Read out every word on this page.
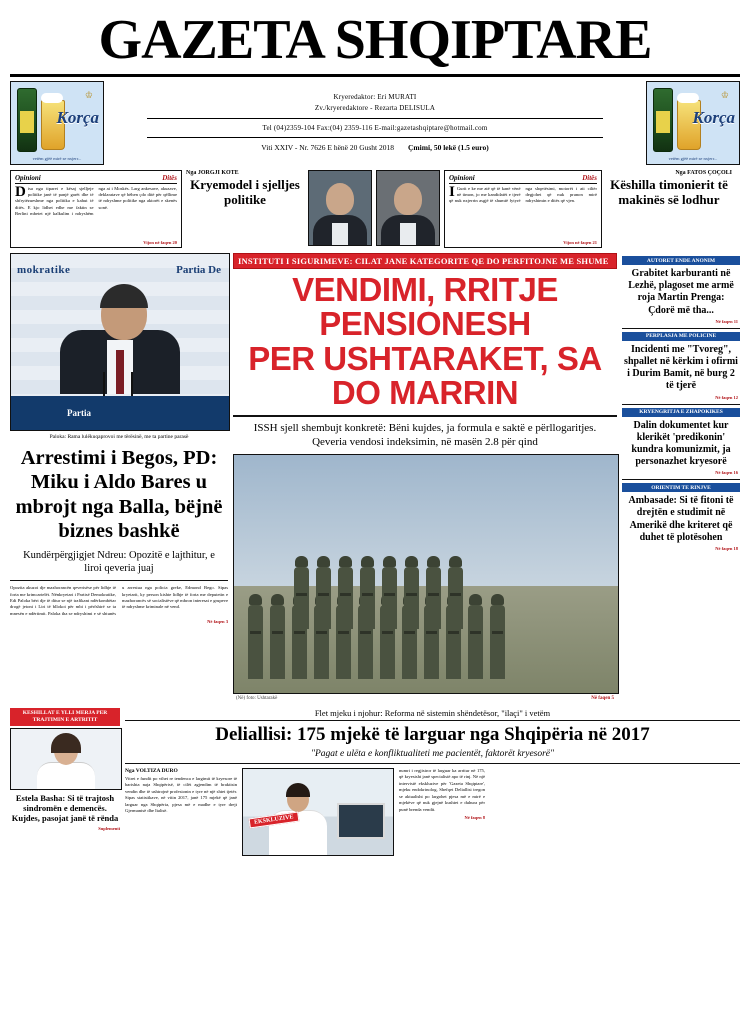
GAZETA SHQIPTARE
♔
Korça
vetëm gjëë mirë se nxjerr...
Kryeredaktor: Eri MURATI
Zv./kryeredaktore - Rezarta DELISULA
Tel (04)2359-104 Fax:(04) 2359-116 E-mail:gazetashqiptare@hotmail.com
Viti XXIV - Nr. 7626 E hënë 20 Gusht 2018 Çmimi, 50 lekë (1.5 euro)
♔
Korça
vetëm gjëë mirë se nxjerr...
Opinioni	Ditës
Disa nga tiparet e kësaj sjelljeje politike janë të panjë garët dhe të shfrytëzueshme nga politika e kahut të ditës. E kjo lidhet edhe me faktin se Berlini mbetet një kalkulim i ndryshëm nga ai i Moskës. Larg ankesave, akuzave, deklaratave që bëhen çdo ditë për qëllime të ndryshme politike nga aktorët e skenës sonë.
Vijon në faqen 20
Nga JORGJI KOTE
Kryemodel i sjelljes politike
Opinioni	Ditës
I Gurit e ke me atë që të kanë vënë në timon, jo me kandidatët e tjerë që nuk nxjerrin asgjë të shumtë fytyrë nga shqetësimi, motorët i ati ciliër degjohet që nuk pranon mirë ndryshimin e ditës që vjen.
Vijon në faqen 21
Nga FATOS ÇOÇOLI
Këshilla timonierit të makinës së lodhur
mokratike	Partia De
Partia
Paloka: Rama lulëkuqaprovoi me tërësinë, me ta partine parasë
Arrestimi i Begos, PD: Miku i Aldo Bares u mbrojt nga Balla, bëjnë biznes bashkë
Kundërpërgjigjet Ndreu: Opozitë e lajthitur, e liroi qeveria juaj
Opozita akuzoi dje mazhorancën qeverisëse për lidhje të forta me krimcartelët. Nënkryetari i Partisë Demokratike, Edi Paloka bëri dje të ditur se një trafikant ndërkombëtar drogë jetoni i Liri të bllokoi për mbi i përfshirë se ta mnesën e ndërtimit. Paloka tha se ndryshimi e së shtunës u arrestua nga policia greke, Edmond Bego. Sipas kryetarit, ky person kishte lidhje të forta me deputetin e mazhorancës së socialistëve që mbron interesat e grupeve të ndryshme kriminale në vend.
Në faqen 3
INSTITUTI I SIGURIMEVE: CILAT JANE KATEGORITE QE DO PERFITOJNE ME SHUME
VENDIMI, RRITJE PENSIONESH
PER USHTARAKET, SA DO MARRIN
ISSH sjell shembujt konkretë: Bëni kujdes, ja formula e saktë e përllogaritjes. Qeveria vendosi indeksimin, në masën 2.8 për qind
(Në) foto: Ushtarakë	Në faqen 5
AUTORET ENDE ANONIM
Grabitet karburanti në Lezhë, plagoset me armë roja Martin Prenga: Çdorë më tha...
Në faqen 11
PERPLASJA ME POLICINE
Incidenti me "Tvoreg", shpallet në kërkim i ofirmi i Durim Bamit, në burg 2 të tjerë
Në faqen 12
KRYENGRITJA E ZHAPOKIKES
Dalin dokumentet kur klerikët 'predikonin' kundra komunizmit, ja personazhet kryesorë
Në faqen 16
ORIENTIM TE RINJVE
Ambasade: Si të fitoni të drejtën e studimit në Amerikë dhe kriteret që duhet të plotësohen
Në faqen 18
KESHILLAT E YLLI MERJA PER TRAJTIMIN E ARTRITIT
Estela Basha: Si të trajtosh sindromën e demencës. Kujdes, pasojat janë të rënda
Suplementi
Flet mjeku i njohur: Reforma në sistemin shëndetësor, "ilaçi" i vetëm
Deliallisi: 175 mjekë të larguar nga Shqipëria në 2017
"Pagat e ulëta e konfliktualiteti me pacientët, faktorët kryesorë"
Nga VOLTIZA DURO
Vitret e fundit po vihet re tendenca e largimit të kryesore të barishta naja Shqipërisë, të cilët agjendim të braktisin vendin dhe të ushtrojnë profesionin e tyre në një shtet tjetër. Sipas statistikave, në vitin 2017, janë 175 mjekë që janë larguar nga Shqipëria, pjesa më e madhe e tyre drejt Gjermanisë dhe Italisë.
EKSKLUZIVE
numri i regjistror të larguar ka arritur në 175, që kryesisht janë specialistë apo të rinj. Në një intervistë ekskluzive për 'Gazeta Shqiptare', mjeku endokrinolog, Shefqet Deliallisi tregon se aktualisht po largohet pjesa më e mirë e mjekëve që nuk gjejnë kushtet e duhura për punë brenda vendit.
Në faqen 8
